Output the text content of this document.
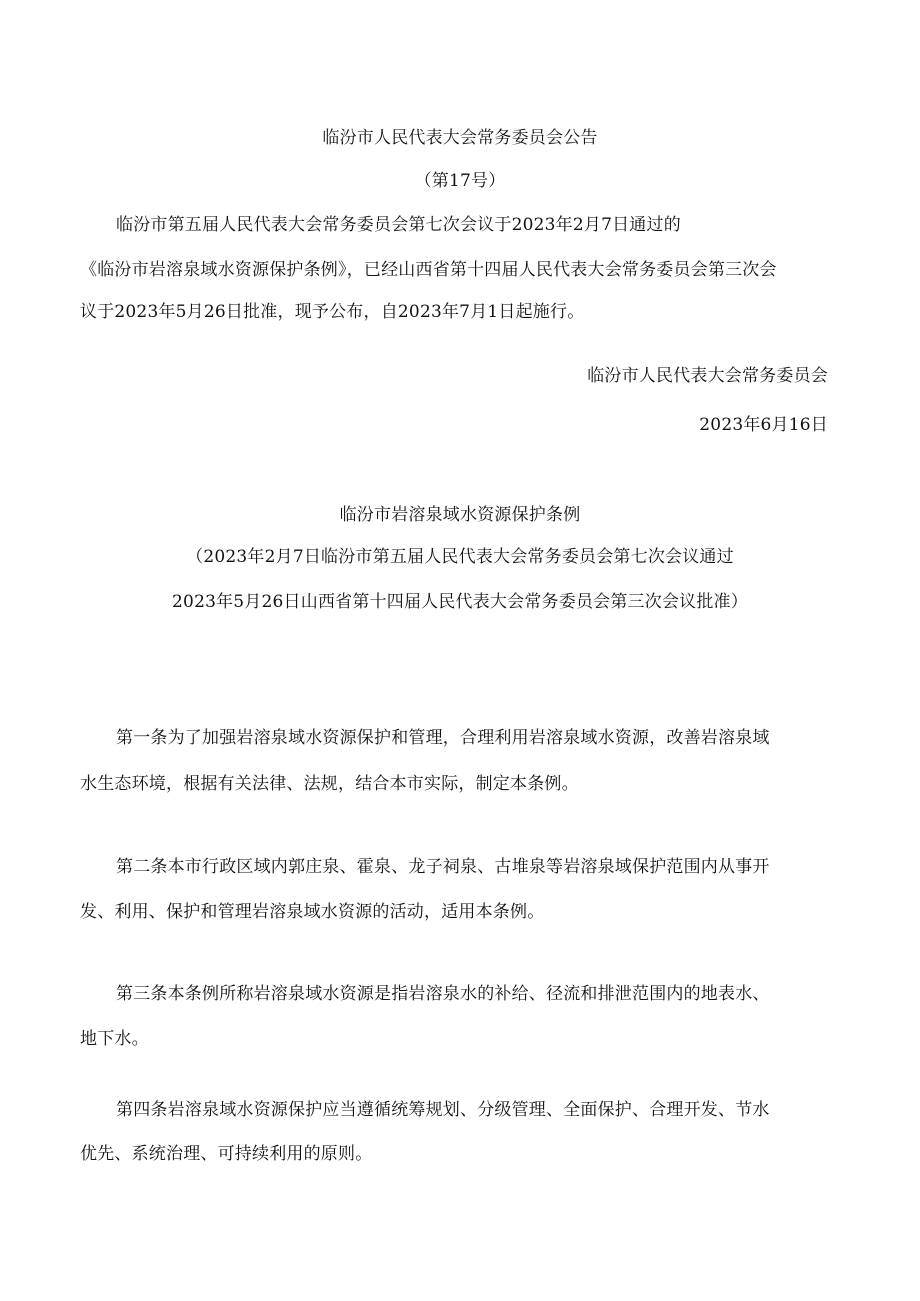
临汾市人民代表大会常务委员会公告
（第17号）
临汾市第五届人民代表大会常务委员会第七次会议于2023年2月7日通过的
《临汾市岩溶泉域水资源保护条例》，已经山西省第十四届人民代表大会常务委员会第三次会
议于2023年5月26日批准，现予公布，自2023年7月1日起施行。
临汾市人民代表大会常务委员会
2023年6月16日
临汾市岩溶泉域水资源保护条例
（2023年2月7日临汾市第五届人民代表大会常务委员会第七次会议通过
2023年5月26日山西省第十四届人民代表大会常务委员会第三次会议批准）
第一条为了加强岩溶泉域水资源保护和管理，合理利用岩溶泉域水资源，改善岩溶泉域
水生态环境，根据有关法律、法规，结合本市实际，制定本条例。
第二条本市行政区域内郭庄泉、霍泉、龙子祠泉、古堆泉等岩溶泉域保护范围内从事开
发、利用、保护和管理岩溶泉域水资源的活动，适用本条例。
第三条本条例所称岩溶泉域水资源是指岩溶泉水的补给、径流和排泄范围内的地表水、
地下水。
第四条岩溶泉域水资源保护应当遵循统筹规划、分级管理、全面保护、合理开发、节水
优先、系统治理、可持续利用的原则。
